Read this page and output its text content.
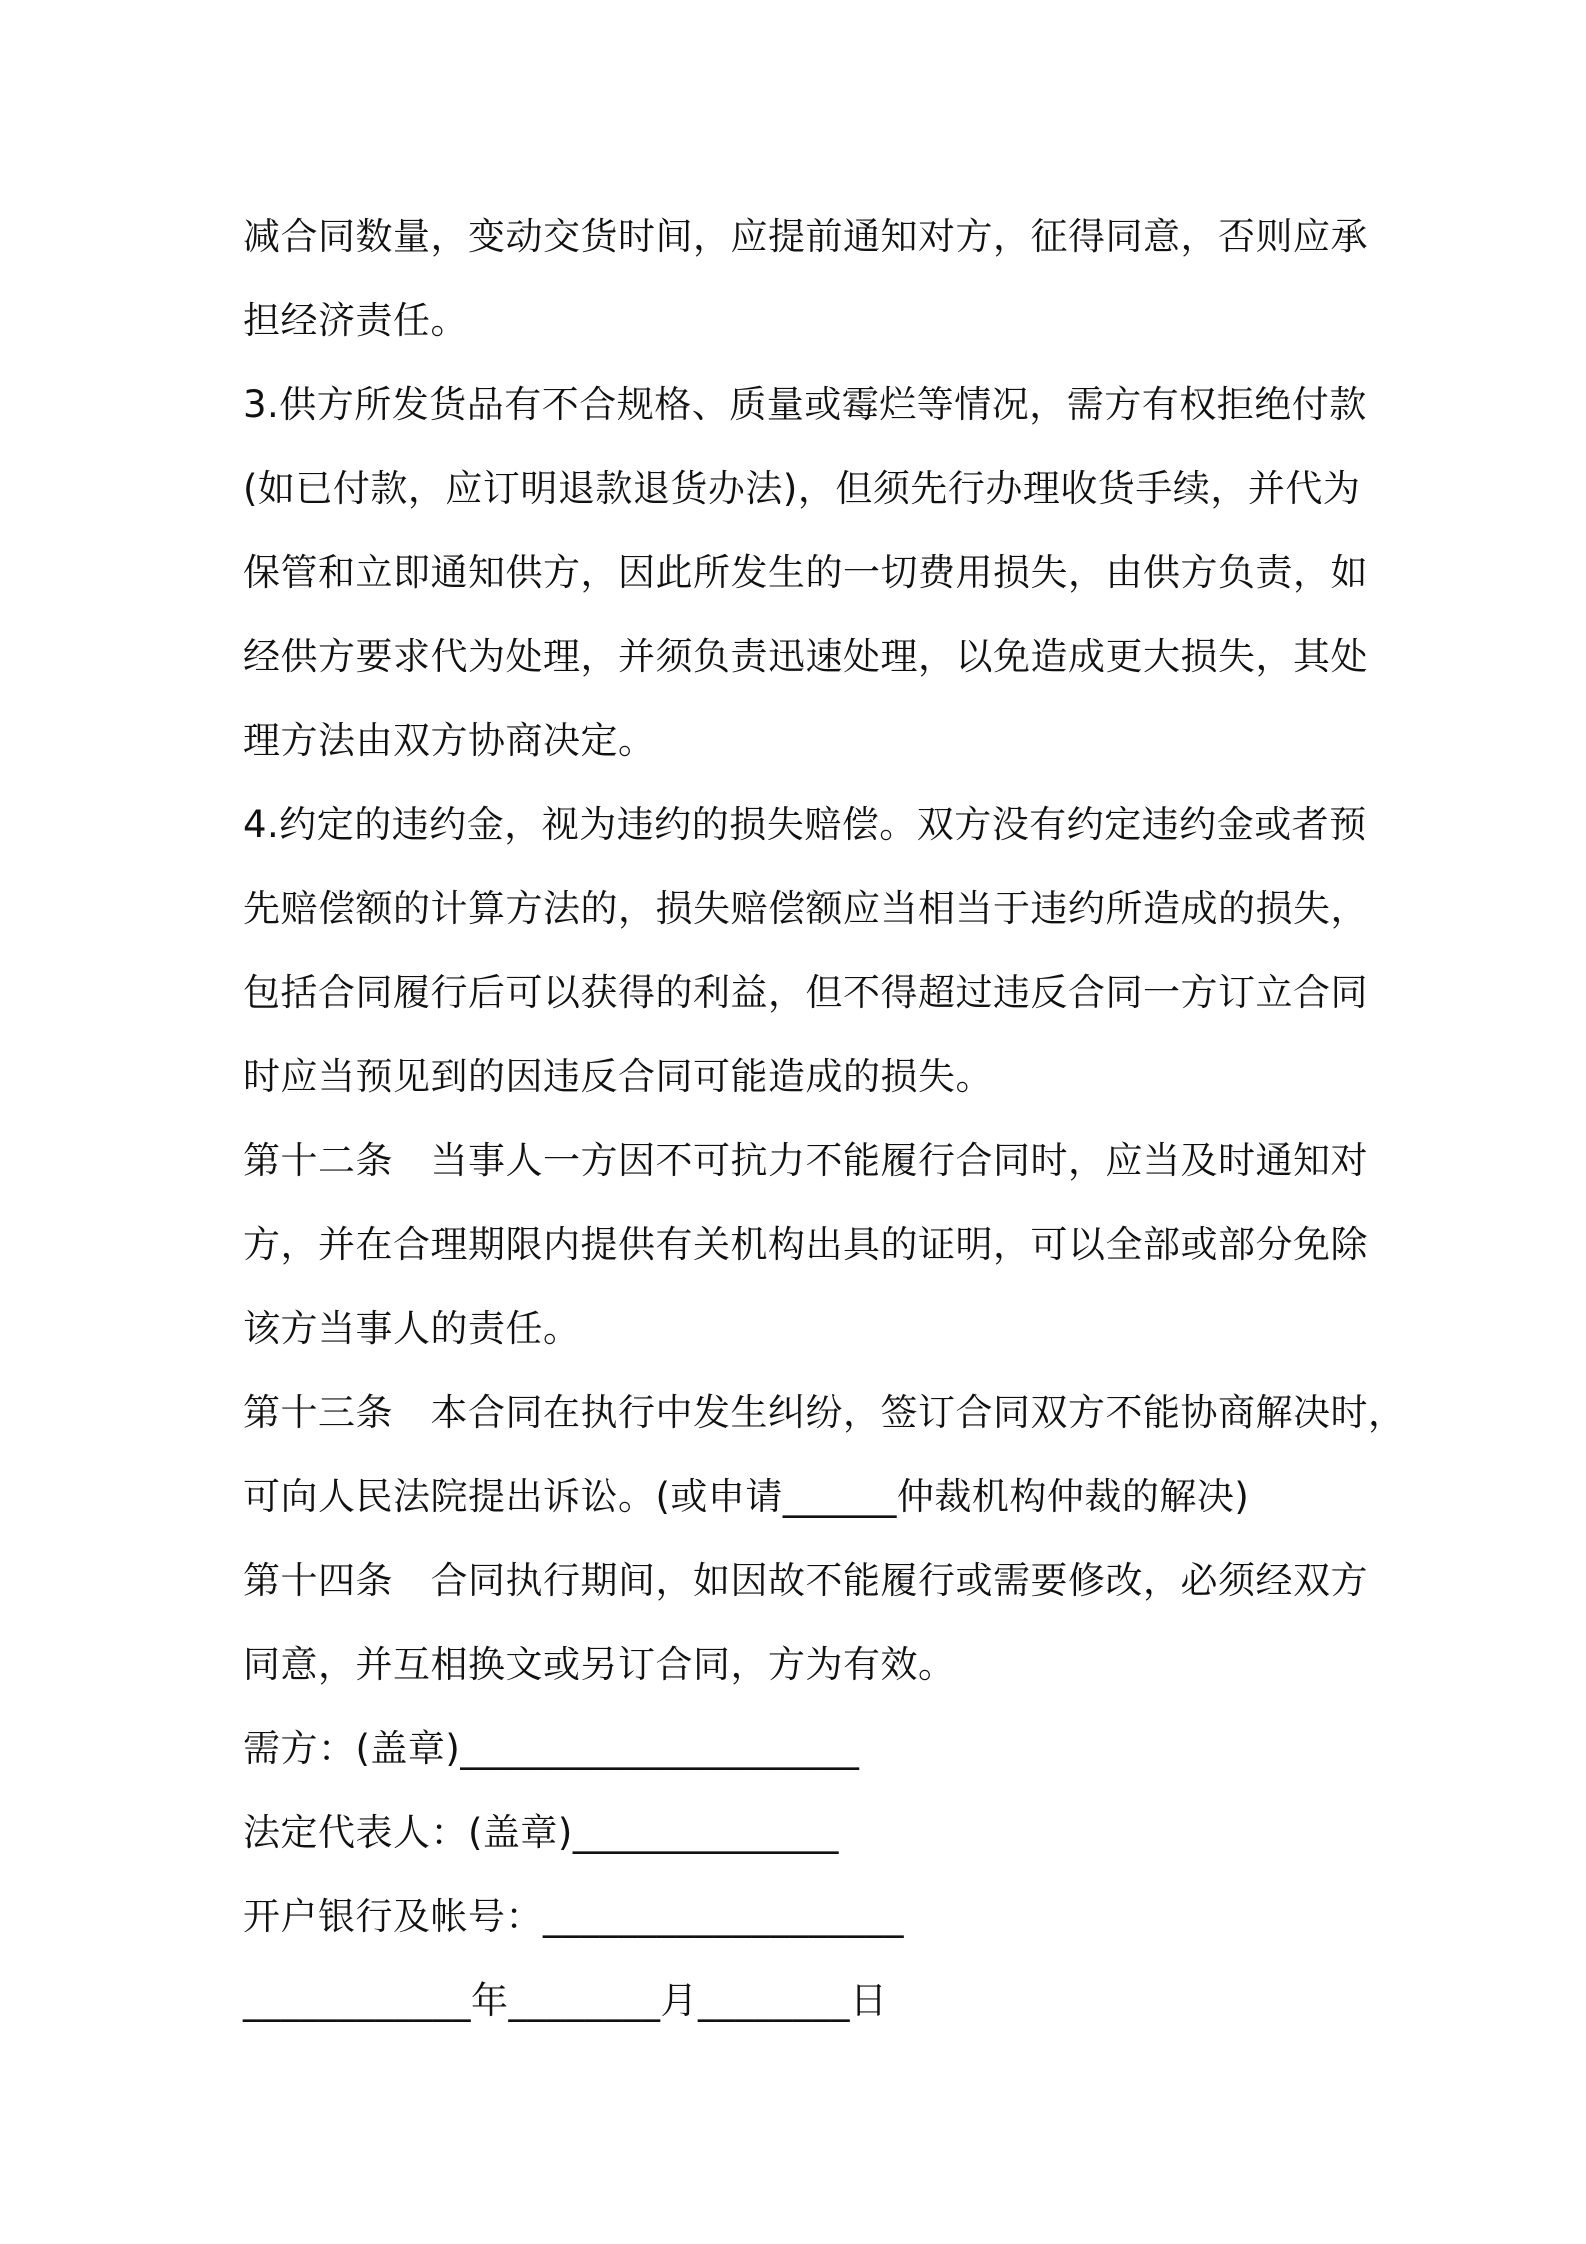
减合同数量，变动交货时间，应提前通知对方，征得同意，否则应承
担经济责任。
3.供方所发货品有不合规格、质量或霉烂等情况，需方有权拒绝付款
(如已付款，应订明退款退货办法)，但须先行办理收货手续，并代为
保管和立即通知供方，因此所发生的一切费用损失，由供方负责，如
经供方要求代为处理，并须负责迅速处理，以免造成更大损失，其处
理方法由双方协商决定。
4.约定的违约金，视为违约的损失赔偿。双方没有约定违约金或者预
先赔偿额的计算方法的，损失赔偿额应当相当于违约所造成的损失，
包括合同履行后可以获得的利益，但不得超过违反合同一方订立合同
时应当预见到的因违反合同可能造成的损失。
第十二条　当事人一方因不可抗力不能履行合同时，应当及时通知对
方，并在合理期限内提供有关机构出具的证明，可以全部或部分免除
该方当事人的责任。
第十三条　本合同在执行中发生纠纷，签订合同双方不能协商解决时，
可向人民法院提出诉讼。(或申请______仲裁机构仲裁的解决)
第十四条　合同执行期间，如因故不能履行或需要修改，必须经双方
同意，并互相换文或另订合同，方为有效。
需方：(盖章)_____________________
法定代表人：(盖章)______________
开户银行及帐号：___________________
____________年________月________日
